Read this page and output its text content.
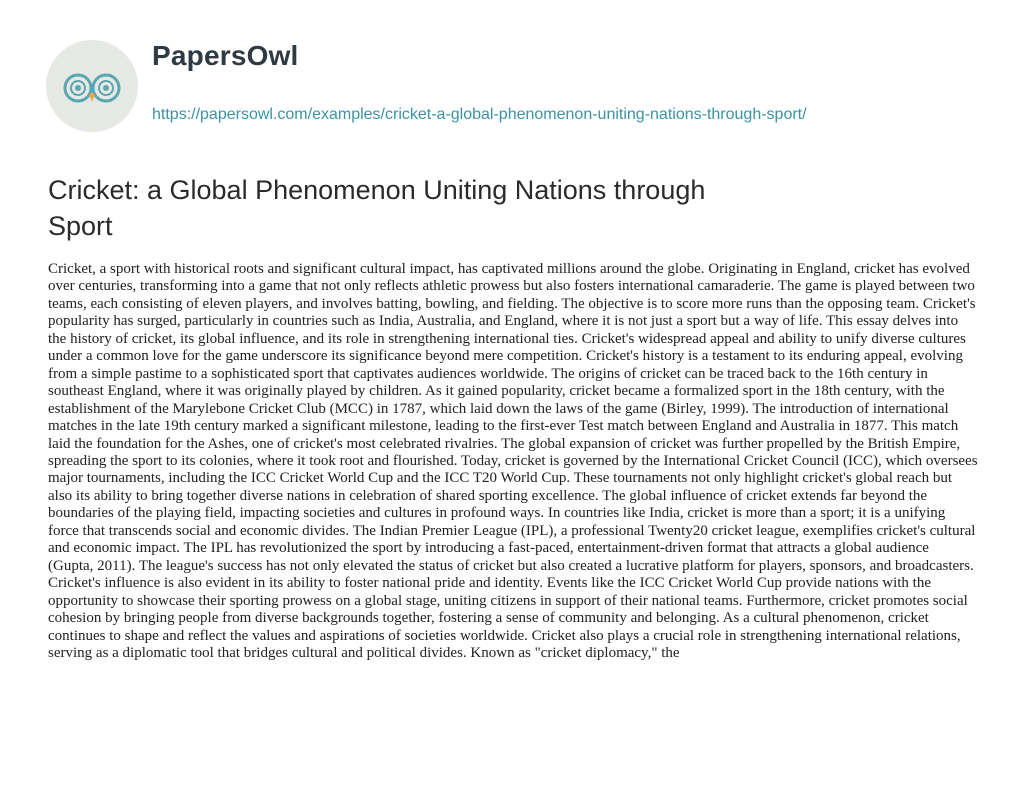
PapersOwl
https://papersowl.com/examples/cricket-a-global-phenomenon-uniting-nations-through-sport/
Cricket: a Global Phenomenon Uniting Nations through Sport

Cricket, a sport with historical roots and significant cultural impact, has captivated millions around the globe. Originating in England, cricket has evolved over centuries, transforming into a game that not only reflects athletic prowess but also fosters international camaraderie. The game is played between two teams, each consisting of eleven players, and involves batting, bowling, and fielding. The objective is to score more runs than the opposing team. Cricket's popularity has surged, particularly in countries such as India, Australia, and England, where it is not just a sport but a way of life. This essay delves into the history of cricket, its global influence, and its role in strengthening international ties. Cricket's widespread appeal and ability to unify diverse cultures under a common love for the game underscore its significance beyond mere competition. Cricket's history is a testament to its enduring appeal, evolving from a simple pastime to a sophisticated sport that captivates audiences worldwide. The origins of cricket can be traced back to the 16th century in southeast England, where it was originally played by children. As it gained popularity, cricket became a formalized sport in the 18th century, with the establishment of the Marylebone Cricket Club (MCC) in 1787, which laid down the laws of the game (Birley, 1999). The introduction of international matches in the late 19th century marked a significant milestone, leading to the first-ever Test match between England and Australia in 1877. This match laid the foundation for the Ashes, one of cricket's most celebrated rivalries. The global expansion of cricket was further propelled by the British Empire, spreading the sport to its colonies, where it took root and flourished. Today, cricket is governed by the International Cricket Council (ICC), which oversees major tournaments, including the ICC Cricket World Cup and the ICC T20 World Cup. These tournaments not only highlight cricket's global reach but also its ability to bring together diverse nations in celebration of shared sporting excellence. The global influence of cricket extends far beyond the boundaries of the playing field, impacting societies and cultures in profound ways. In countries like India, cricket is more than a sport; it is a unifying force that transcends social and economic divides. The Indian Premier League (IPL), a professional Twenty20 cricket league, exemplifies cricket's cultural and economic impact. The IPL has revolutionized the sport by introducing a fast-paced, entertainment-driven format that attracts a global audience (Gupta, 2011). The league's success has not only elevated the status of cricket but also created a lucrative platform for players, sponsors, and broadcasters. Cricket's influence is also evident in its ability to foster national pride and identity. Events like the ICC Cricket World Cup provide nations with the opportunity to showcase their sporting prowess on a global stage, uniting citizens in support of their national teams. Furthermore, cricket promotes social cohesion by bringing people from diverse backgrounds together, fostering a sense of community and belonging. As a cultural phenomenon, cricket continues to shape and reflect the values and aspirations of societies worldwide. Cricket also plays a crucial role in strengthening international relations, serving as a diplomatic tool that bridges cultural and political divides. Known as "cricket diplomacy," the
